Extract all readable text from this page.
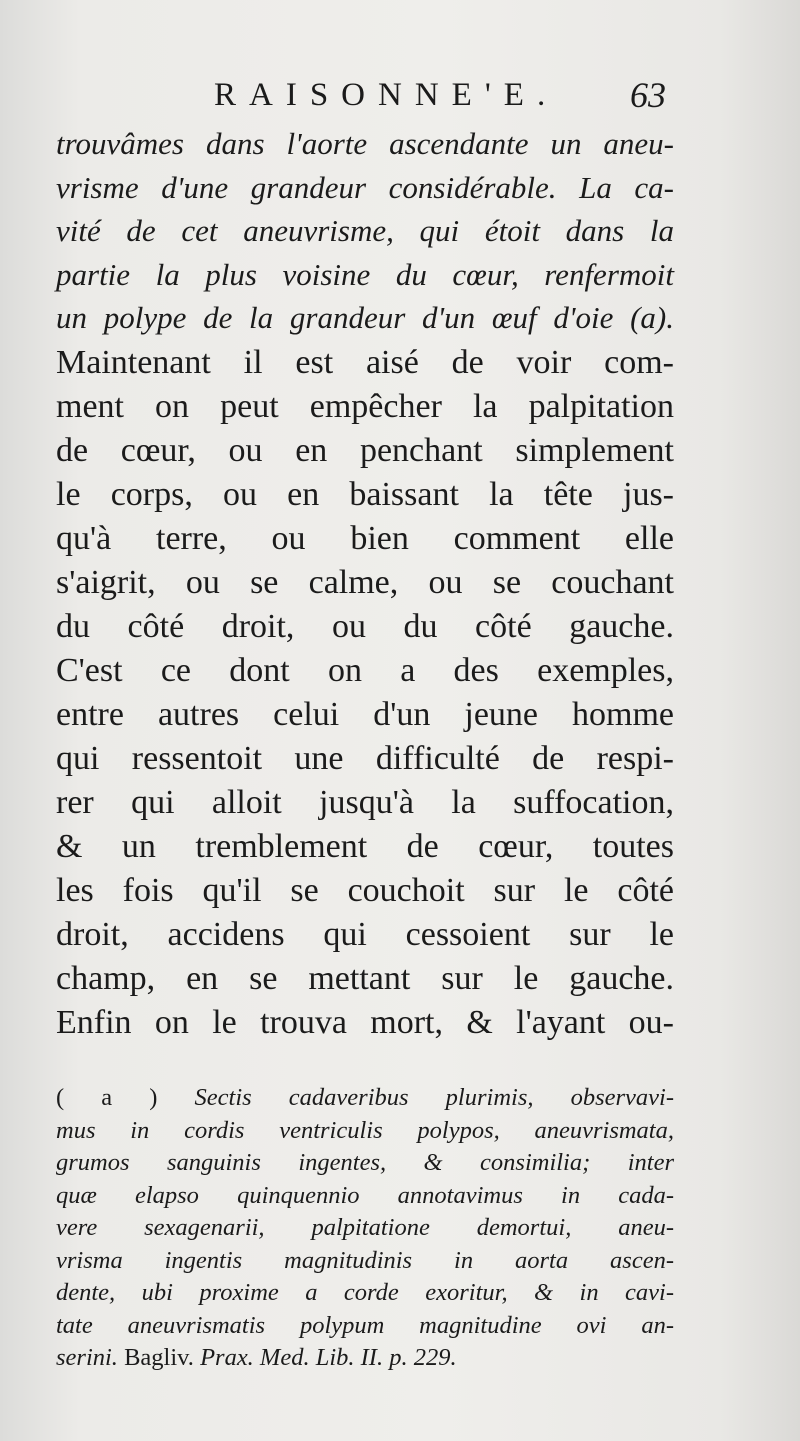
RAISONNE'E. 63
trouvâmes dans l'aorte ascendante un aneu-
vrisme d'une grandeur considérable. La ca-
vité de cet aneuvrisme, qui étoit dans la
partie la plus voisine du cœur, renfermoit
un polype de la grandeur d'un œuf d'oie (a).
Maintenant il est aisé de voir com-
ment on peut empêcher la palpitation
de cœur, ou en penchant simplement
le corps, ou en baissant la tête jus-
qu'à terre, ou bien comment elle
s'aigrit, ou se calme, ou se couchant
du côté droit, ou du côté gauche.
C'est ce dont on a des exemples,
entre autres celui d'un jeune homme
qui ressentoit une difficulté de respi-
rer qui alloit jusqu'à la suffocation,
& un tremblement de cœur, toutes
les fois qu'il se couchoit sur le côté
droit, accidens qui cessoient sur le
champ, en se mettant sur le gauche.
Enfin on le trouva mort, & l'ayant ou-
( a ) Sectis cadaveribus plurimis, observavi-
mus in cordis ventriculis polypos, aneuvrismata,
grumos sanguinis ingentes, & consimilia; inter
quæ elapso quinquennio annotavimus in cada-
vere sexagenarii, palpitatione demortui, aneu-
vrisma ingentis magnitudinis in aorta ascen-
dente, ubi proxime a corde exoritur, & in cavi-
tate aneuvrismatis polypum magnitudine ovi an-
serini. Bagliv. Prax. Med. Lib. II. p. 229.
